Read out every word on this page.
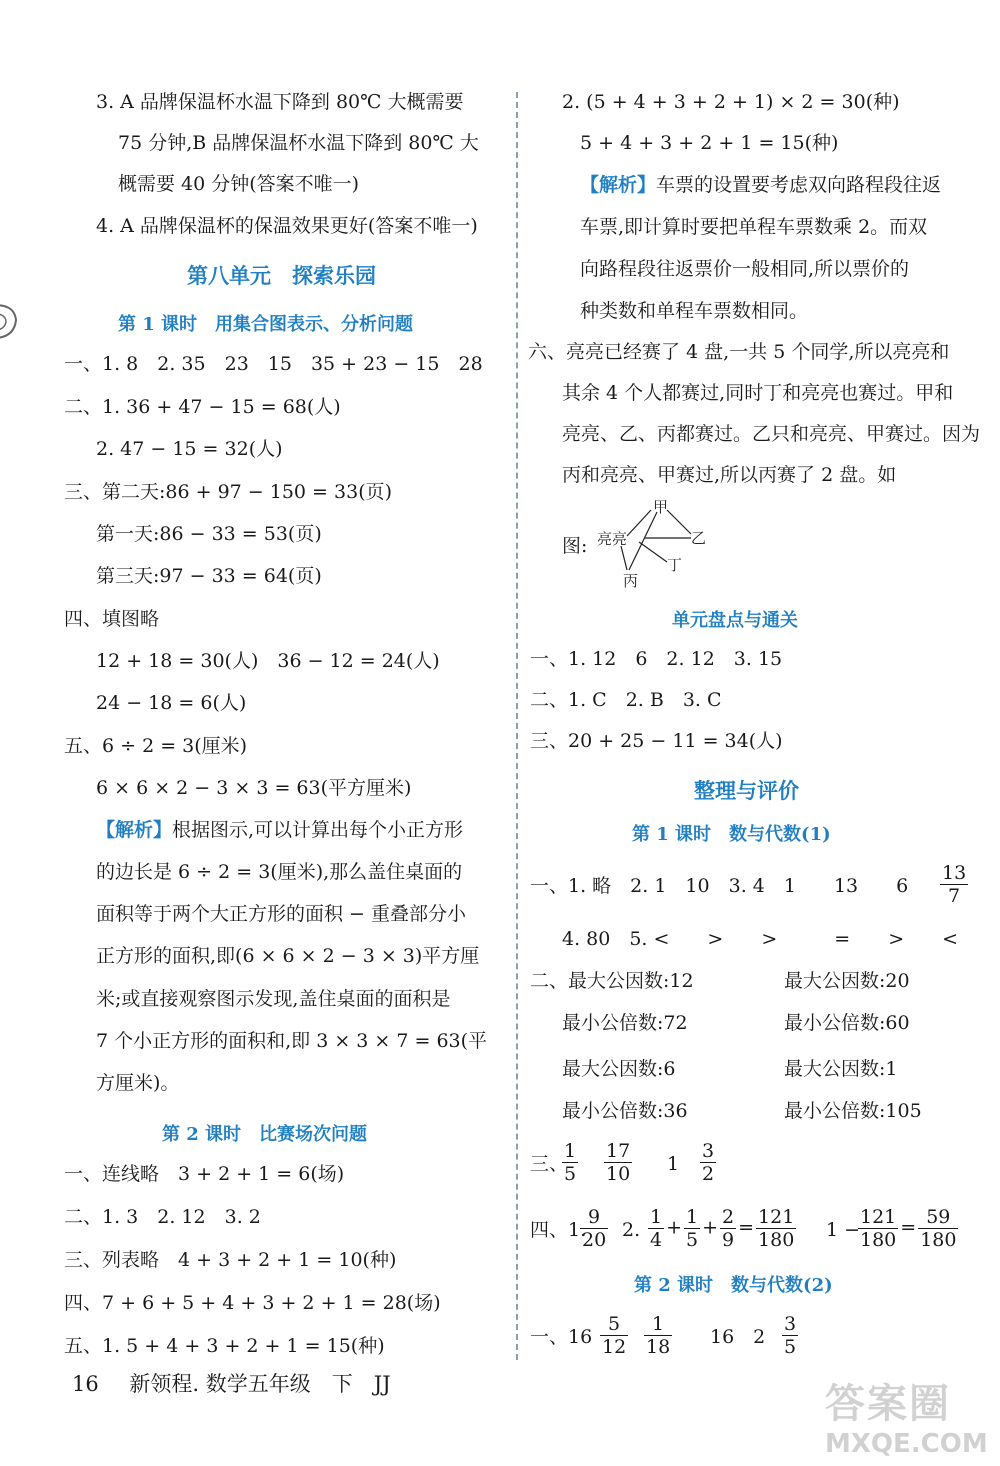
3. A 品牌保温杯水温下降到 80℃ 大概需要
75 分钟,B 品牌保温杯水温下降到 80℃ 大
概需要 40 分钟(答案不唯一)
4. A 品牌保温杯的保温效果更好(答案不唯一)
第八单元　探索乐园
第 1 课时　用集合图表示、分析问题
一、1. 8　2. 35　23　15　35 + 23 − 15　28
二、1. 36 + 47 − 15 = 68(人)
2. 47 − 15 = 32(人)
三、第二天:86 + 97 − 150 = 33(页)
第一天:86 − 33 = 53(页)
第三天:97 − 33 = 64(页)
四、填图略
12 + 18 = 30(人)　36 − 12 = 24(人)
24 − 18 = 6(人)
五、6 ÷ 2 = 3(厘米)
6 × 6 × 2 − 3 × 3 = 63(平方厘米)
【解析】根据图示,可以计算出每个小正方形
的边长是 6 ÷ 2 = 3(厘米),那么盖住桌面的
面积等于两个大正方形的面积 − 重叠部分小
正方形的面积,即(6 × 6 × 2 − 3 × 3)平方厘
米;或直接观察图示发现,盖住桌面的面积是
7 个小正方形的面积和,即 3 × 3 × 7 = 63(平
方厘米)。
第 2 课时　比赛场次问题
一、连线略　3 + 2 + 1 = 6(场)
二、1. 3　2. 12　3. 2
三、列表略　4 + 3 + 2 + 1 = 10(种)
四、7 + 6 + 5 + 4 + 3 + 2 + 1 = 28(场)
五、1. 5 + 4 + 3 + 2 + 1 = 15(种)
2. (5 + 4 + 3 + 2 + 1) × 2 = 30(种)
5 + 4 + 3 + 2 + 1 = 15(种)
【解析】车票的设置要考虑双向路程段往返
车票,即计算时要把单程车票数乘 2。而双
向路程段往返票价一般相同,所以票价的
种类数和单程车票数相同。
六、亮亮已经赛了 4 盘,一共 5 个同学,所以亮亮和
其余 4 个人都赛过,同时丁和亮亮也赛过。甲和
亮亮、乙、丙都赛过。乙只和亮亮、甲赛过。因为
丙和亮亮、甲赛过,所以丙赛了 2 盘。如
图:
甲
亮亮	乙
丁
丙
单元盘点与通关
一、1. 12　6　2. 12　3. 15
二、1. C　2. B　3. C
三、20 + 25 − 11 = 34(人)
整理与评价
第 1 课时　数与代数(1)
一、1. 略　2. 1　10　3. 4　1　　13　　$6 \frac{13}{7}$
4. 80　5. <　　>　　>　　　=　　>　　<
二、最大公因数:12	最大公因数:20
最小公倍数:72	最小公倍数:60
最大公因数:6	最大公因数:1
最小公倍数:36	最小公倍数:105
三、
$\frac{1}{5} \frac{17}{10} 1 \frac{3}{2}$
四、1.
$\frac{9}{20} 2$. $\frac{1}{4} + \frac{1}{5} + \frac{2}{9} = \frac{121}{180} 1$ −
$\frac{121}{180} = \frac{59}{180}$
第 2 课时　数与代数(2)
一、$16 \frac{5}{12} \frac{1}{18} 16$　$2 \frac{3}{5}$
16 新领程. 数学五年级　下　JJ	答案圈
MXQE.COM
